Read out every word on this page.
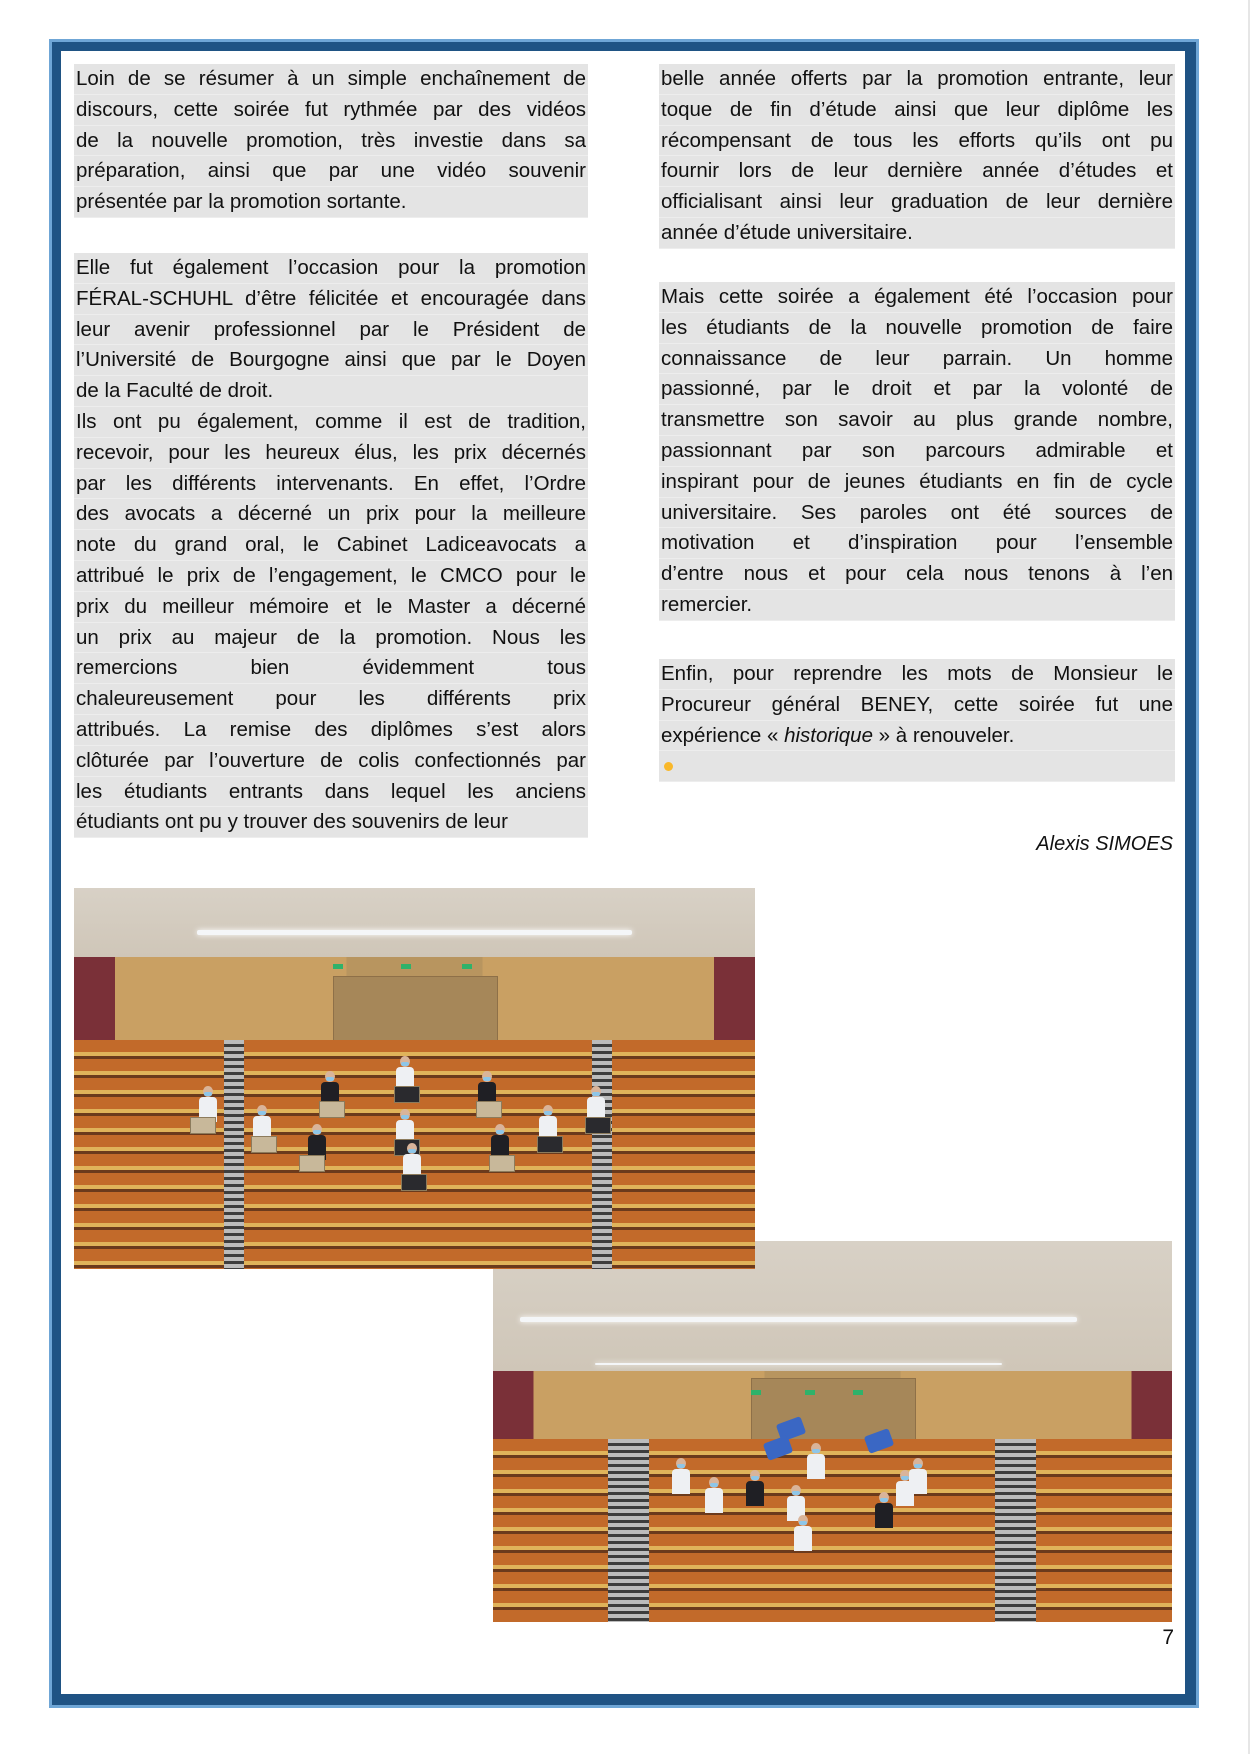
Loin de se résumer à un simple enchaînement de
discours, cette soirée fut rythmée par des vidéos
de la nouvelle promotion, très investie dans sa
préparation, ainsi que par une vidéo souvenir
présentée par la promotion sortante.
Elle fut également l’occasion pour la promotion
FÉRAL-SCHUHL d’être félicitée et encouragée dans
leur avenir professionnel par le Président de
l’Université de Bourgogne ainsi que par le Doyen
de la Faculté de droit.
Ils ont pu également, comme il est de tradition,
recevoir, pour les heureux élus, les prix décernés
par les différents intervenants. En effet, l’Ordre
des avocats a décerné un prix pour la meilleure
note du grand oral, le Cabinet Ladiceavocats a
attribué le prix de l’engagement, le CMCO pour le
prix du meilleur mémoire et le Master a décerné
un prix au majeur de la promotion. Nous les
remercions bien évidemment tous
chaleureusement pour les différents prix
attribués. La remise des diplômes s’est alors
clôturée par l’ouverture de colis confectionnés par
les étudiants entrants dans lequel les anciens
étudiants ont pu y trouver des souvenirs de leur
belle année offerts par la promotion entrante, leur
toque de fin d’étude ainsi que leur diplôme les
récompensant de tous les efforts qu’ils ont pu
fournir lors de leur dernière année d’études et
officialisant ainsi leur graduation de leur dernière
année d’étude universitaire.
Mais cette soirée a également été l’occasion pour
les étudiants de la nouvelle promotion de faire
connaissance de leur parrain. Un homme
passionné, par le droit et par la volonté de
transmettre son savoir au plus grande nombre,
passionnant par son parcours admirable et
inspirant pour de jeunes étudiants en fin de cycle
universitaire. Ses paroles ont été sources de
motivation et d’inspiration pour l’ensemble
d’entre nous et pour cela nous tenons à l’en
remercier.
Enfin, pour reprendre les mots de Monsieur le
Procureur général BENEY, cette soirée fut une
expérience « historique » à renouveler.
Alexis SIMOES
7
